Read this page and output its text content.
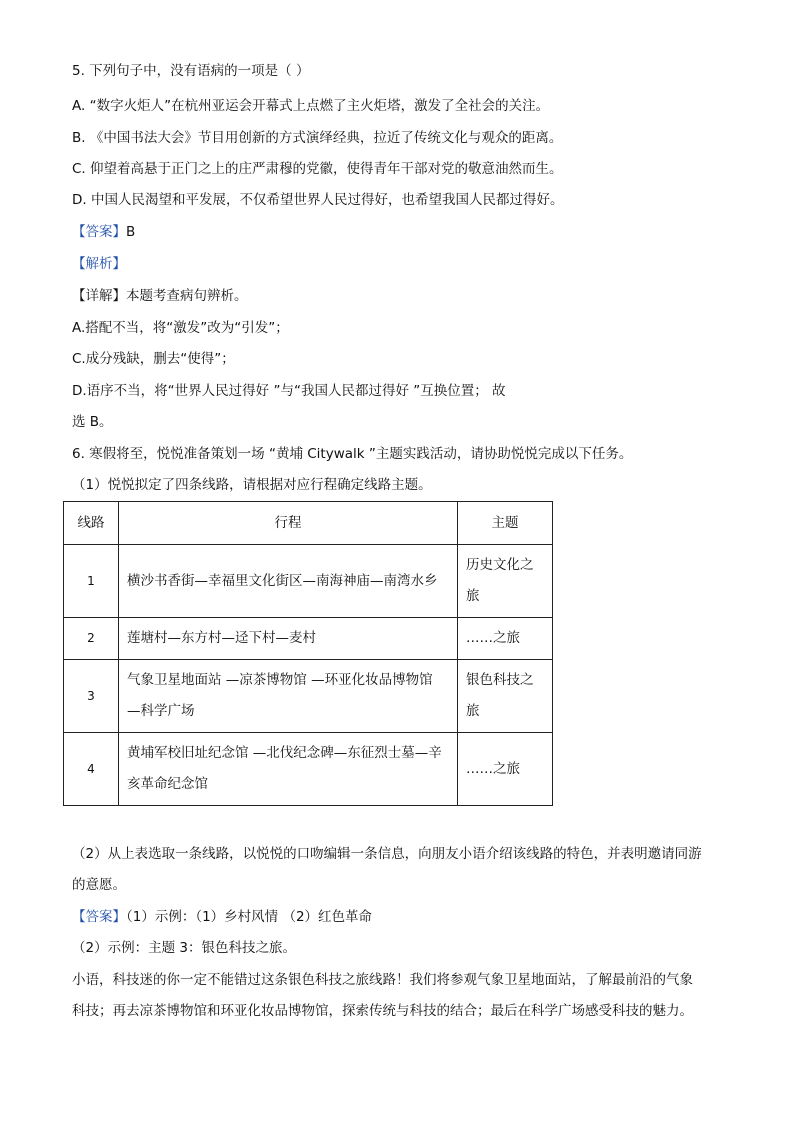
5. 下列句子中，没有语病的一项是（ ）
A. “数字火炬人”在杭州亚运会开幕式上点燃了主火炬塔，激发了全社会的关注。
B. 《中国书法大会》节目用创新的方式演绎经典，拉近了传统文化与观众的距离。
C. 仰望着高悬于正门之上的庄严肃穆的党徽，使得青年干部对党的敬意油然而生。
D. 中国人民渴望和平发展，不仅希望世界人民过得好，也希望我国人民都过得好。
【答案】B
【解析】
【详解】本题考查病句辨析。
A.搭配不当，将“激发”改为“引发”；
C.成分残缺，删去“使得”；
D.语序不当，将“世界人民过得好 ”与“我国人民都过得好 ”互换位置； 故
选 B。
6. 寒假将至，悦悦准备策划一场 “黄埔 Citywalk ”主题实践活动，请协助悦悦完成以下任务。
（1）悦悦拟定了四条线路，请根据对应行程确定线路主题。
线路	行程	主题
1	横沙书香街—幸福里文化街区—南海神庙—南湾水乡	历史文化之旅
2	莲塘村—东方村—迳下村—麦村	……之旅
3	气象卫星地面站 —凉茶博物馆 —环亚化妆品博物馆 —科学广场	银色科技之旅
4	黄埔军校旧址纪念馆 —北伐纪念碑—东征烈士墓—辛亥革命纪念馆	……之旅
（2）从上表选取一条线路，以悦悦的口吻编辑一条信息，向朋友小语介绍该线路的特色，并表明邀请同游
的意愿。
【答案】（1）示例：（1）乡村风情 （2）红色革命
（2）示例：主题 3：银色科技之旅。
小语，科技迷的你一定不能错过这条银色科技之旅线路！我们将参观气象卫星地面站，了解最前沿的气象
科技；再去凉茶博物馆和环亚化妆品博物馆，探索传统与科技的结合；最后在科学广场感受科技的魅力。
